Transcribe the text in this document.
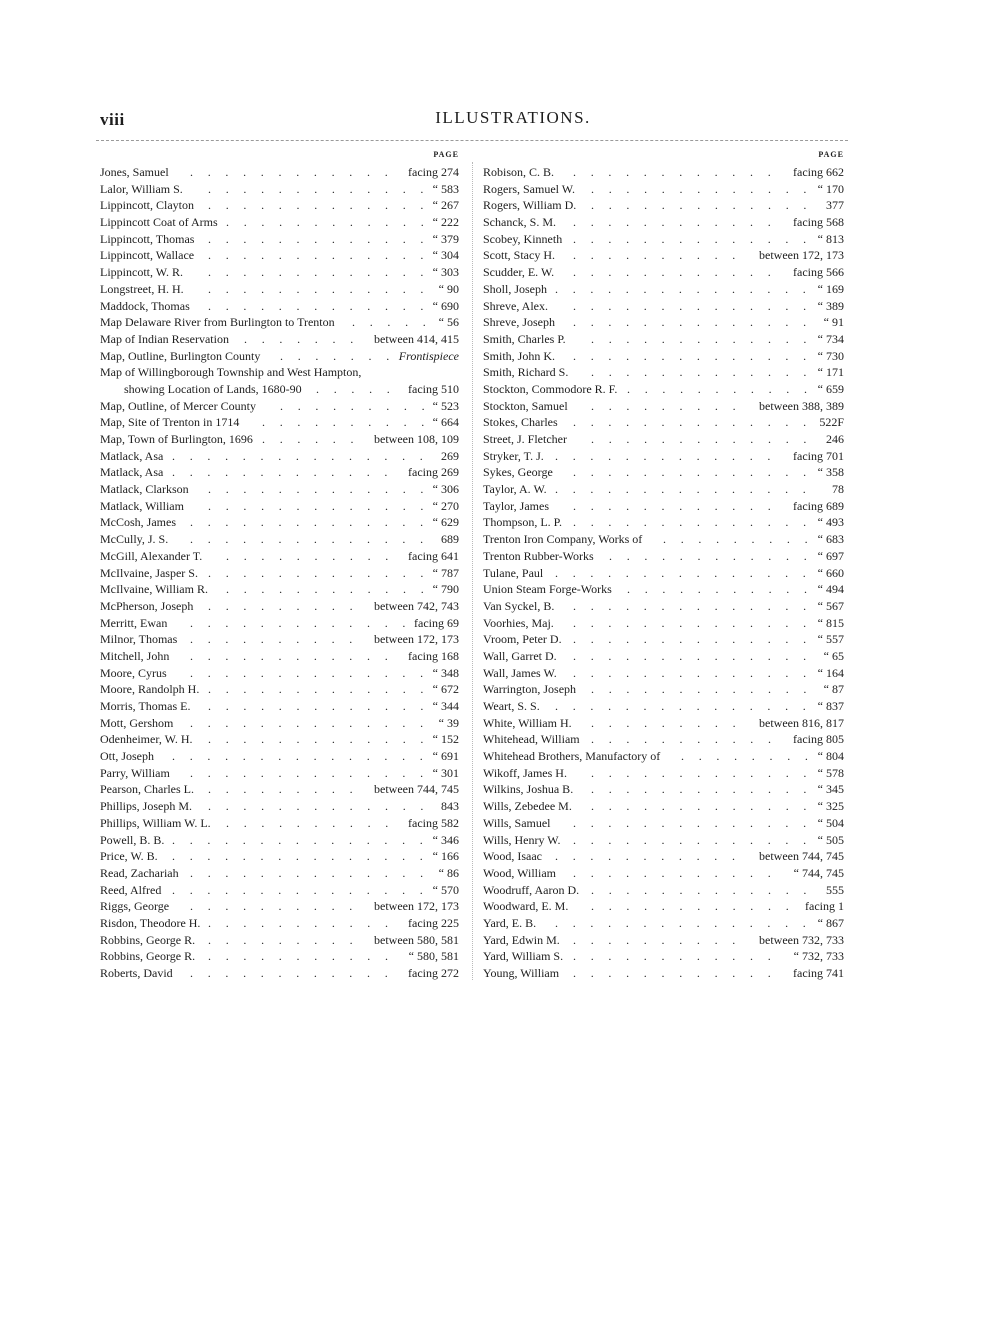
viii	ILLUSTRATIONS.
PAGE
Jones, Samuel ............ facing 274
Lalor, William S. .............
“ 583
Lippincott, Clayton .............
“ 267
Lippincott Coat of Arms ............
“ 222
Lippincott, Thomas .............
“ 379
Lippincott, Wallace .............
“ 304
Lippincott, W. R. .............
“ 303
Longstreet, H. H. ............. “ 90
Maddock, Thomas .............
“ 690
Map Delaware River from Burlington to Trenton .....
“ 56
Map of Indian Reservation ....... between 414, 415
Map, Outline, Burlington County .......
Frontispiece
Map of Willingborough Township and West Hampton,
showing Location of Lands, 1680-90 ..... facing 510
Map, Outline, of Mercer County .........
“ 523
Map, Site of Trenton in 1714 ..........
“ 664
Map, Town of Burlington, 1696 ...... between 108, 109
Matlack, Asa ............... 269
Matlack, Asa ............. facing 269
Matlack, Clarkson .............
“ 306
Matlack, William .............
“ 270
McCosh, James ..............
“ 629
McCully, J. S. .............. 689
McGill, Alexander T. .......... facing 641
McIlvaine, Jasper S. .............
“ 787
McIlvaine, William R. ............
“ 790
McPherson, Joseph ......... between 742, 743
Merritt, Ewan .............
facing 69
Milnor, Thomas .......... between 172, 173
Mitchell, John ............ facing 168
Moore, Cyrus ..............
“ 348
Moore, Randolph H. .............
“ 672
Morris, Thomas E. .............
“ 344
Mott, Gershom .............. “ 39
Odenheimer, W. H. .............
“ 152
Ott, Joseph ...............
“ 691
Parry, William ..............
“ 301
Pearson, Charles L. ......... between 744, 745
Phillips, Joseph M. ............. 843
Phillips, William W. L. .......... facing 582
Powell, B. B. ...............
“ 346
Price, W. B. ...............
“ 166
Read, Zachariah .............. “ 86
Reed, Alfred ...............
“ 570
Riggs, George .......... between 172, 173
Risdon, Theodore H. ........... facing 225
Robbins, George R. ......... between 580, 581
Robbins, George R. ........... “ 580, 581
Roberts, David ............ facing 272
PAGE
Robison, C. B. ............ facing 662
Rogers, Samuel W. .............
“ 170
Rogers, William D. ............. 377
Schanck, S. M. ............ facing 568
Scobey, Kinneth ..............
“ 813
Scott, Stacy H. .......... between 172, 173
Scudder, E. W. ............ facing 566
Sholl, Joseph ...............
“ 169
Shreve, Alex. ..............
“ 389
Shreve, Joseph .............. “ 91
Smith, Charles P. .............
“ 734
Smith, John K. ..............
“ 730
Smith, Richard S. .............
“ 171
Stockton, Commodore R. F. ...........
“ 659
Stockton, Samuel ......... between 388, 389
Stokes, Charles ..............
522F
Street, J. Fletcher ............. 246
Stryker, T. J. ............. facing 701
Sykes, George ..............
“ 358
Taylor, A. W. ............... 78
Taylor, James ............ facing 689
Thompson, L. P. ..............
“ 493
Trenton Iron Company, Works of .........
“ 683
Trenton Rubber-Works ............
“ 697
Tulane, Paul ...............
“ 660
Union Steam Forge-Works ...........
“ 494
Van Syckel, B. ..............
“ 567
Voorhies, Maj. ..............
“ 815
Vroom, Peter D. ..............
“ 557
Wall, Garret D. .............. “ 65
Wall, James W. ..............
“ 164
Warrington, Joseph ............. “ 87
Weart, S. S. ...............
“ 837
White, William H. ......... between 816, 817
Whitehead, William ........... facing 805
Whitehead Brothers, Manufactory of ........
“ 804
Wikoff, James H. .............
“ 578
Wilkins, Joshua B. .............
“ 345
Wills, Zebedee M. .............
“ 325
Wills, Samuel ..............
“ 504
Wills, Henry W. ..............
“ 505
Wood, Isaac ........... between 744, 745
Wood, William ............ “ 744, 745
Woodruff, Aaron D. ............. 555
Woodward, E. M. ............ facing 1
Yard, E. B. ...............
“ 867
Yard, Edwin M. .......... between 732, 733
Yard, William S. ............ “ 732, 733
Young, William ............ facing 741
